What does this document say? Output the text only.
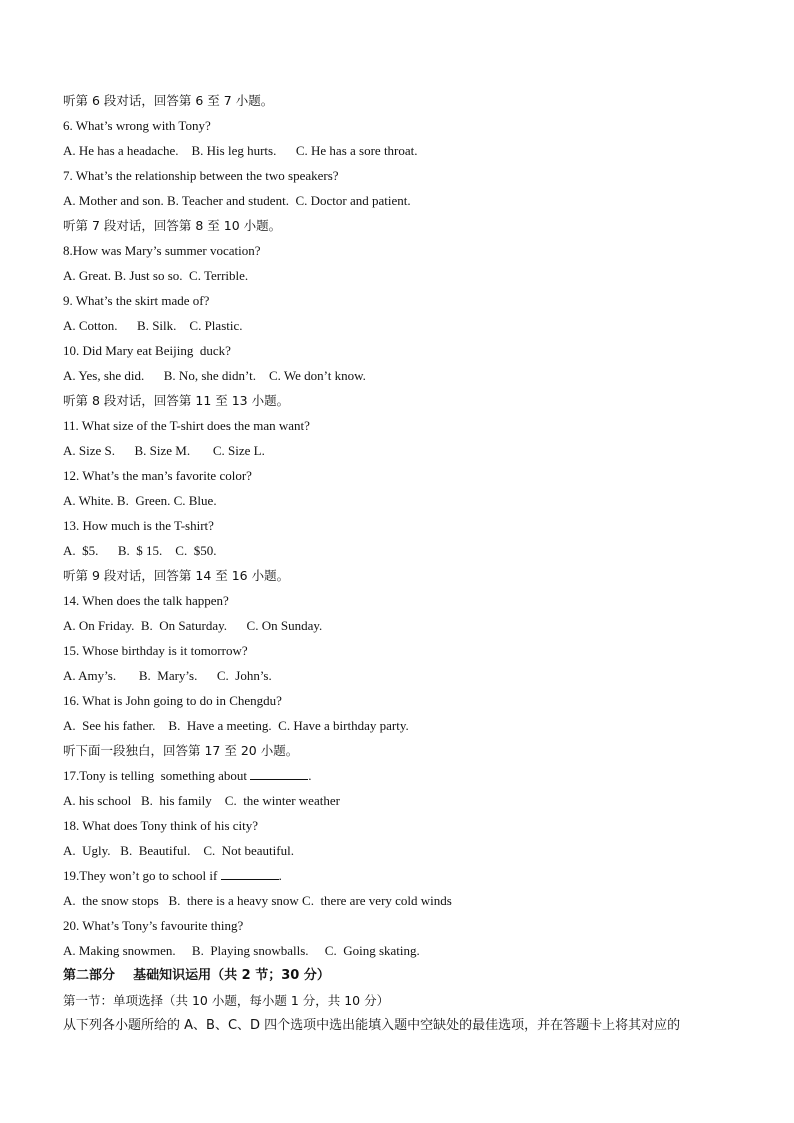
听第 6 段对话，回答第 6 至 7 小题。
6. What’s wrong with Tony?
A. He has a headache.    B. His leg hurts.      C. He has a sore throat.
7. What’s the relationship between the two speakers?
A. Mother and son. B. Teacher and student.  C. Doctor and patient.
听第 7 段对话，回答第 8 至 10 小题。
8.How was Mary’s summer vocation?
A. Great. B. Just so so.  C. Terrible.
9. What’s the skirt made of?
A. Cotton.      B. Silk.    C. Plastic.
10. Did Mary eat Beijing  duck?
A. Yes, she did.      B. No, she didn’t.    C. We don’t know.
听第 8 段对话，回答第 11 至 13 小题。
11. What size of the T-shirt does the man want?
A. Size S.      B. Size M.       C. Size L.
12. What’s the man’s favorite color?
A. White. B.  Green. C. Blue.
13. How much is the T-shirt?
A.  $5.      B.  $ 15.    C.  $50.
听第 9 段对话，回答第 14 至 16 小题。
14. When does the talk happen?
A. On Friday.  B.  On Saturday.      C. On Sunday.
15. Whose birthday is it tomorrow?
A. Amy’s.       B.  Mary’s.      C.  John’s.
16. What is John going to do in Chengdu?
A.  See his father.    B.  Have a meeting.  C. Have a birthday party.
听下面一段独白，回答第 17 至 20 小题。
17.Tony is telling  something about	.
A. his school   B.  his family    C.  the winter weather
18. What does Tony think of his city?
A.  Ugly.   B.  Beautiful.    C.  Not beautiful.
19.They won’t go to school if	.
A.  the snow stops   B.  there is a heavy snow C.  there are very cold winds
20. What’s Tony’s favourite thing?
A. Making snowmen.     B.  Playing snowballs.     C.  Going skating.
第二部分    基础知识运用（共 2 节；30 分）
第一节：单项选择（共 10 小题，每小题 1 分，共 10 分）
从下列各小题所给的 A、B、C、D 四个选项中选出能填入题中空缺处的最佳选项，并在答题卡上将其对应的
